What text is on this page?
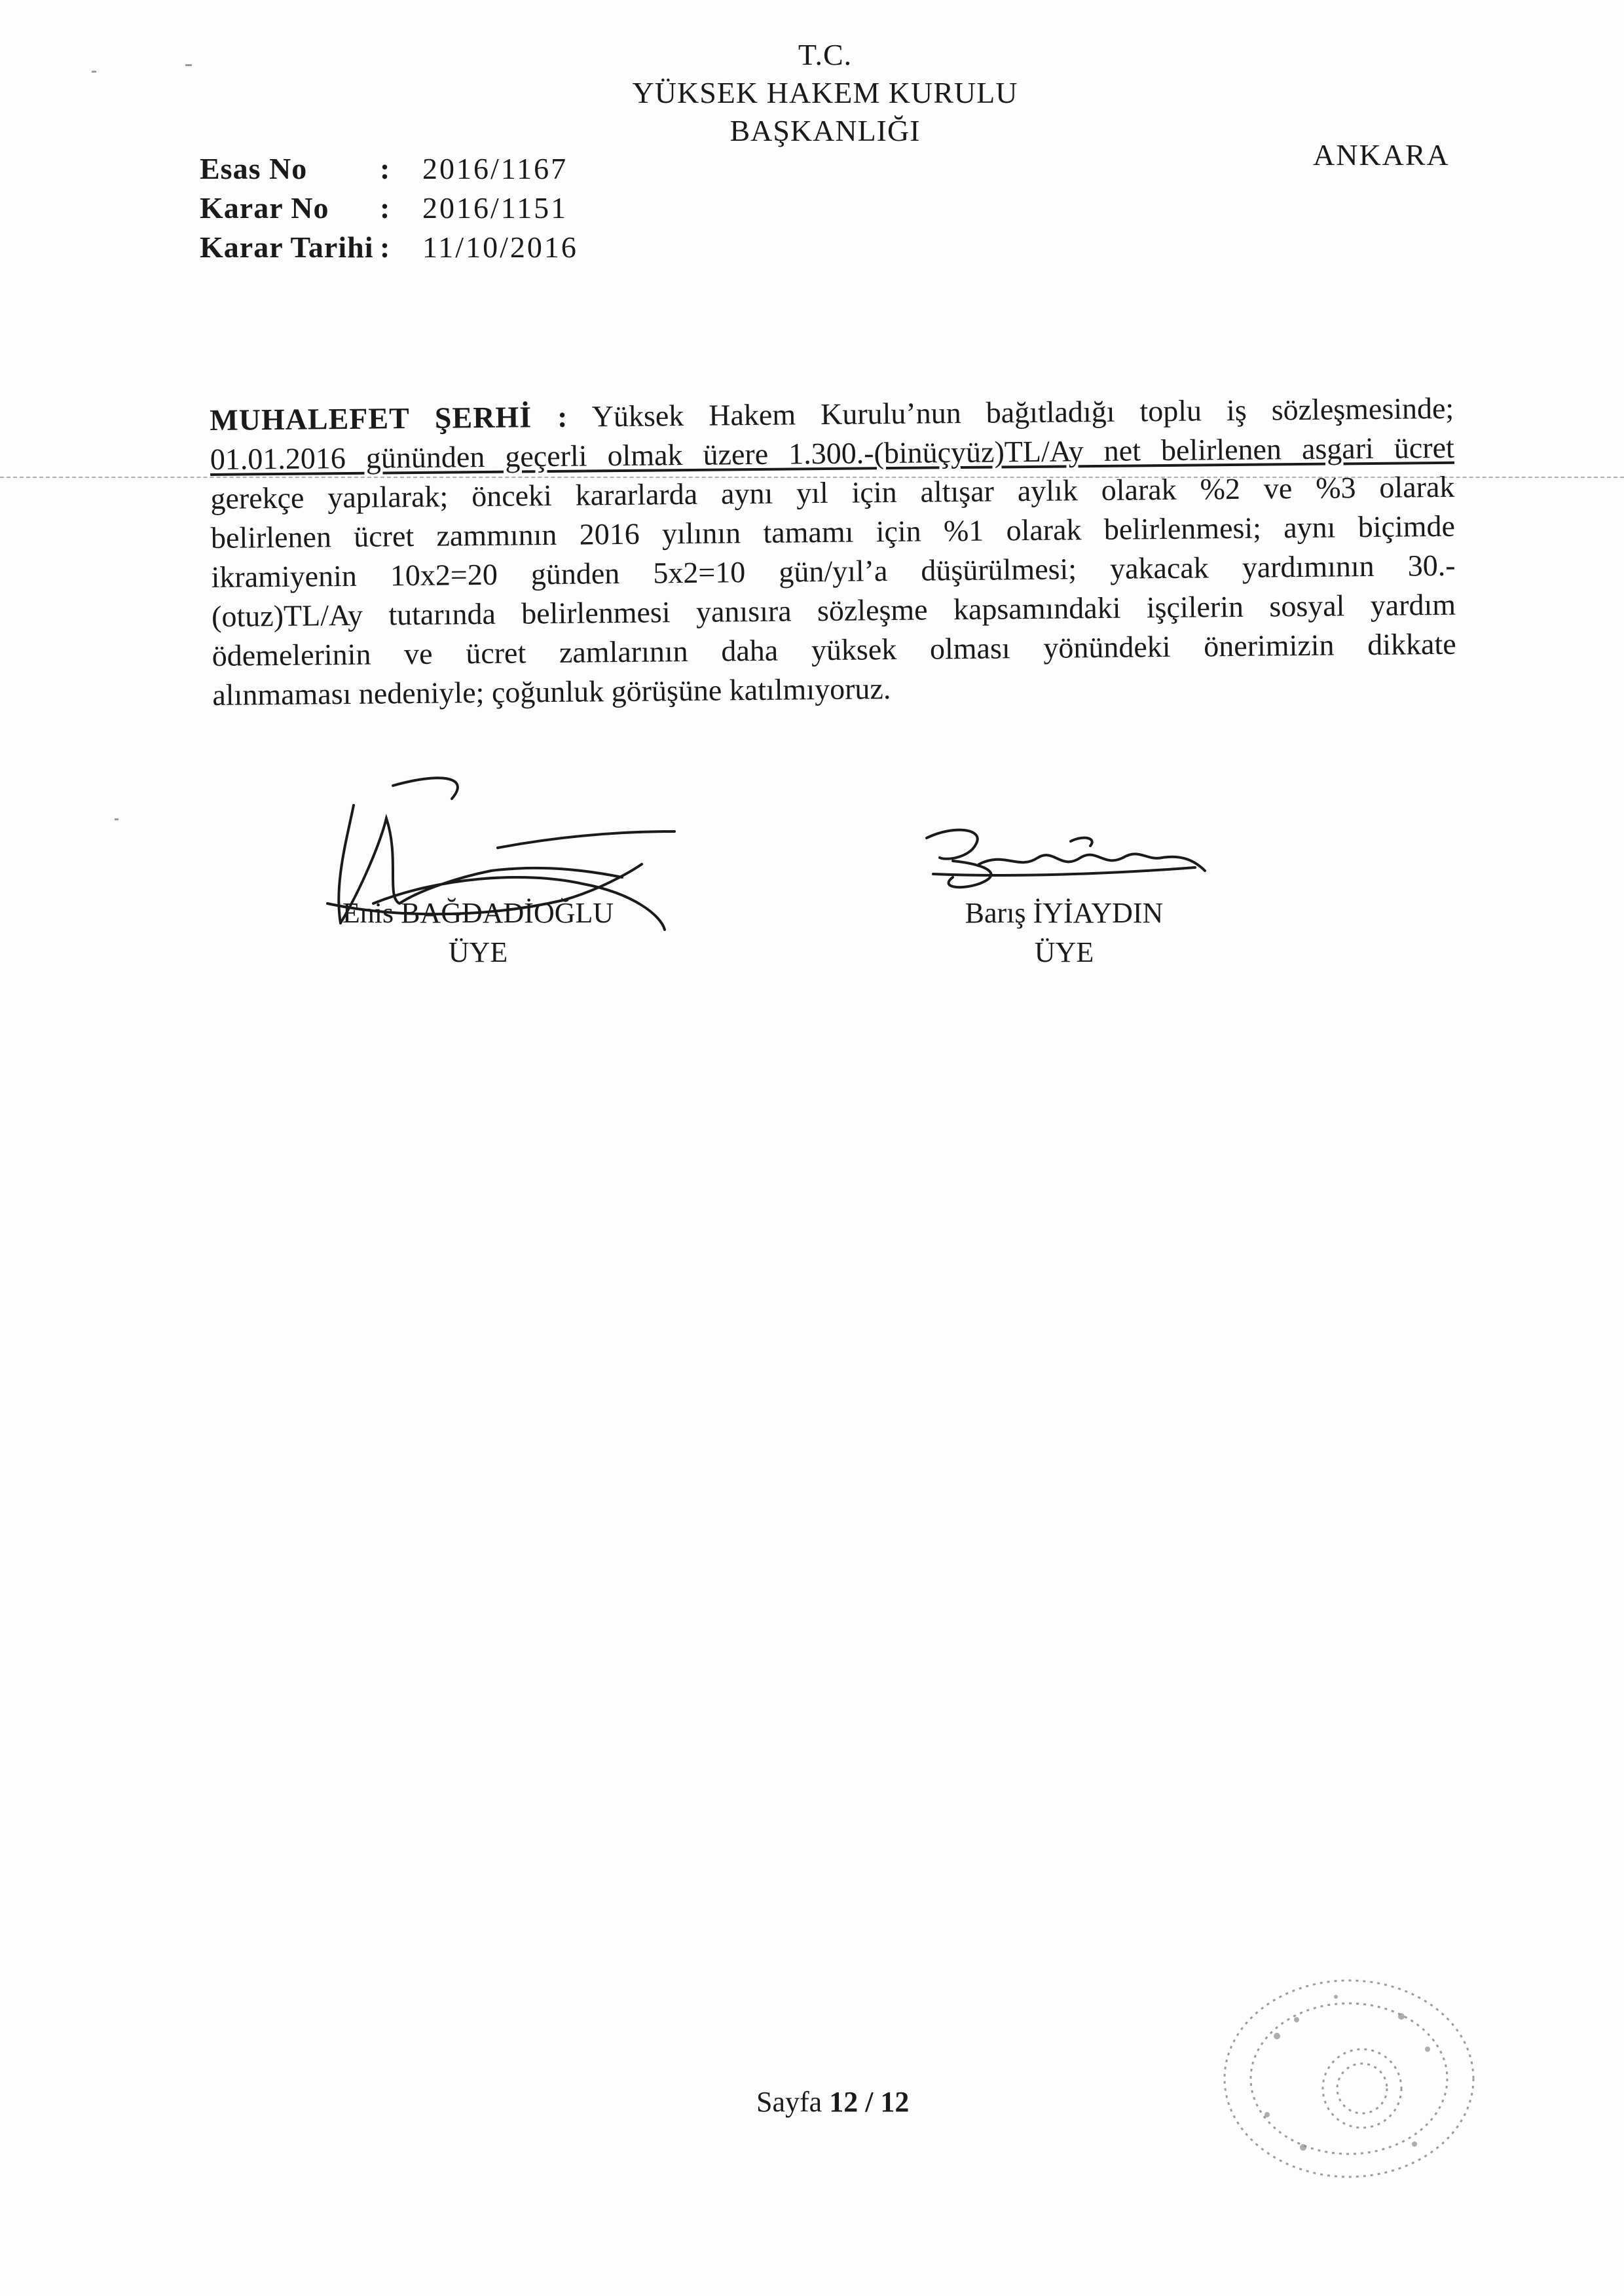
T.C.
YÜKSEK HAKEM KURULU
BAŞKANLIĞI
ANKARA
Esas No	:	2016/1167
Karar No	:	2016/1151
Karar Tarihi :	11/10/2016
MUHALEFET ŞERHİ : Yüksek Hakem Kurulu’nun bağıtladığı toplu iş sözleşmesinde;
01.01.2016 gününden geçerli olmak üzere 1.300.-(binüçyüz)TL/Ay net belirlenen asgari ücret
gerekçe yapılarak; önceki kararlarda aynı yıl için altışar aylık olarak %2 ve %3 olarak
belirlenen ücret zammının 2016 yılının tamamı için %1 olarak belirlenmesi; aynı biçimde
ikramiyenin 10x2=20 günden 5x2=10 gün/yıl’a düşürülmesi; yakacak yardımının 30.-
(otuz)TL/Ay tutarında belirlenmesi yanısıra sözleşme kapsamındaki işçilerin sosyal yardım
ödemelerinin ve ücret zamlarının daha yüksek olması yönündeki önerimizin dikkate
alınmaması nedeniyle; çoğunluk görüşüne katılmıyoruz.
Enis BAĞDADİOĞLU
ÜYE
Barış İYİAYDIN
ÜYE
Sayfa 12 / 12
